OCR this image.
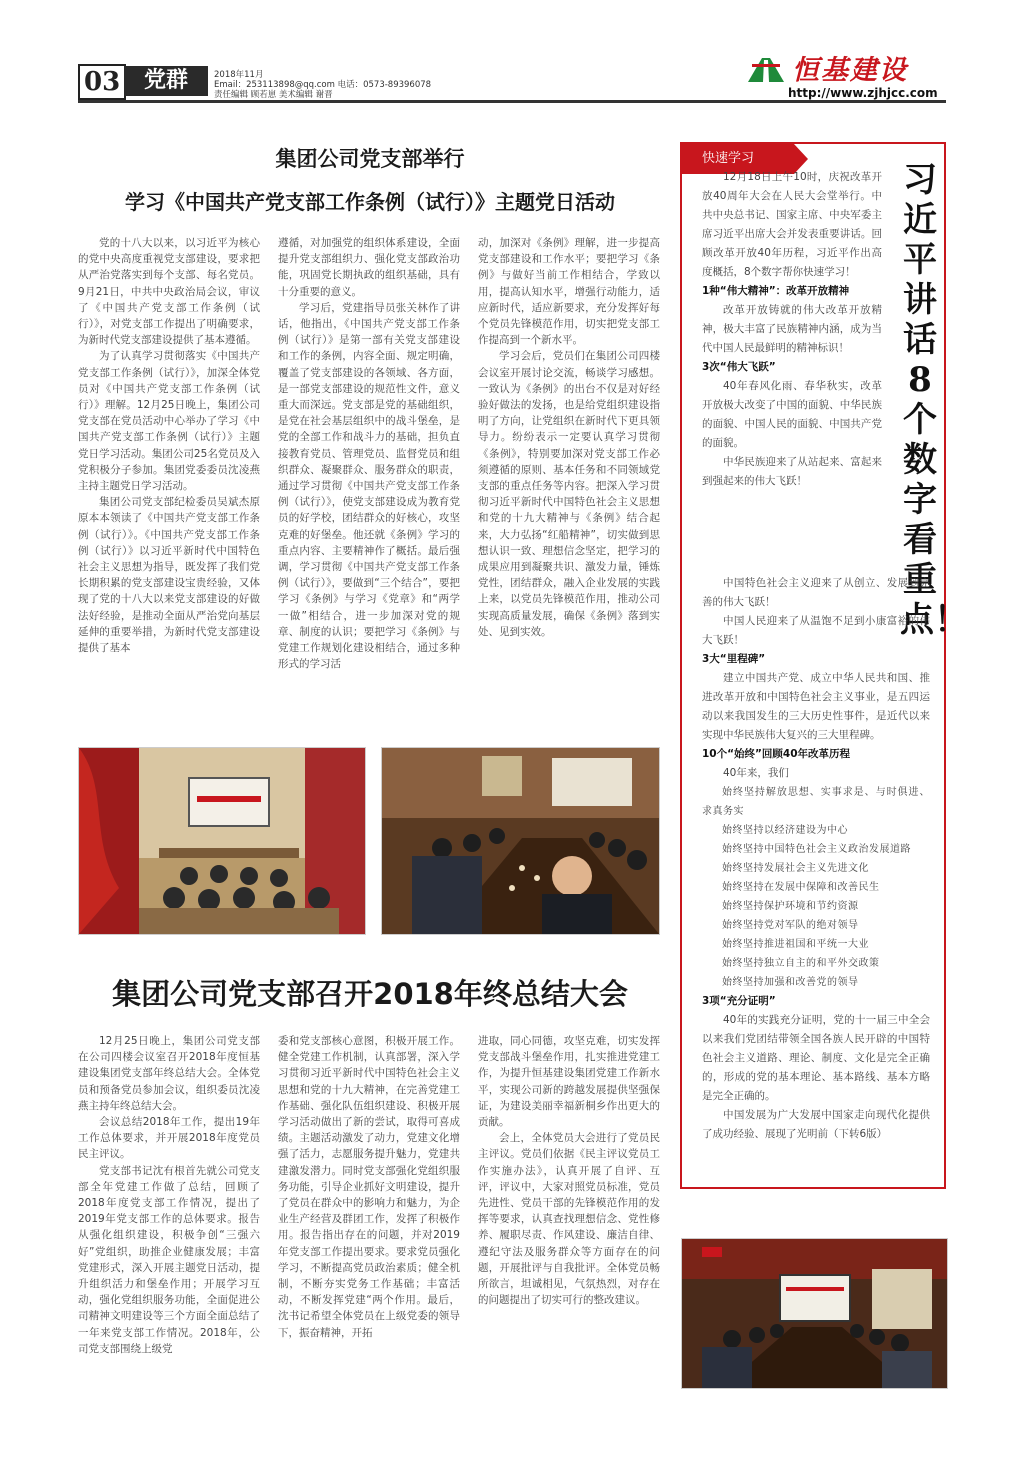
03	党群	2018年11月
Email：253113898@qq.com 电话：0573-89396078
责任编辑 顾若崽 美术编辑 谢晋
恒基建设
http://www.zjhjcc.com
集团公司党支部举行
学习《中国共产党支部工作条例（试行）》主题党日活动

党的十八大以来，以习近平为核心的党中央高度重视党支部建设，要求把从严治党落实到每个支部、每名党员。9月21日，中共中央政治局会议，审议了《中国共产党支部工作条例（试行）》，对党支部工作提出了明确要求，为新时代党支部建设提供了基本遵循。

为了认真学习贯彻落实《中国共产党支部工作条例（试行）》，加深全体党员对《中国共产党支部工作条例（试行）》理解。12月25日晚上，集团公司党支部在党员活动中心举办了学习《中国共产党支部工作条例（试行）》主题党日学习活动。集团公司25名党员及入党积极分子参加。集团党委委员沈凌燕主持主题党日学习活动。

集团公司党支部纪检委员吴斌杰原原本本领读了《中国共产党支部工作条例（试行）》。《中国共产党支部工作条例（试行）》以习近平新时代中国特色社会主义思想为指导，既发挥了我们党长期积累的党支部建设宝贵经验，又体现了党的十八大以来党支部建设的好做法好经验，是推动全面从严治党向基层延伸的重要举措，为新时代党支部建设提供了基本

遵循，对加强党的组织体系建设，全面提升党支部组织力、强化党支部政治功能，巩固党长期执政的组织基础，具有十分重要的意义。

学习后，党建指导员张关林作了讲话，他指出，《中国共产党支部工作条例（试行）》是第一部有关党支部建设和工作的条例，内容全面、规定明确，覆盖了党支部建设的各领域、各方面，是一部党支部建设的规范性文件，意义重大而深远。党支部是党的基础组织，是党在社会基层组织中的战斗堡垒，是党的全部工作和战斗力的基础，担负直接教育党员、管理党员、监督党员和组织群众、凝聚群众、服务群众的职责，通过学习贯彻《中国共产党支部工作条例（试行）》，使党支部建设成为教育党员的好学校，团结群众的好核心，攻坚克难的好堡垒。他还就《条例》学习的重点内容、主要精神作了概括。最后强调，学习贯彻《中国共产党支部工作条例（试行）》，要做到“三个结合”，要把学习《条例》与学习《党章》和“两学一做”相结合，进一步加深对党的规章、制度的认识；要把学习《条例》与党建工作规划化建设相结合，通过多种形式的学习活

动，加深对《条例》理解，进一步提高党支部建设和工作水平；要把学习《条例》与做好当前工作相结合，学致以用，提高认知水平，增强行动能力，适应新时代，适应新要求，充分发挥好每个党员先锋模范作用，切实把党支部工作提高到一个新水平。

学习会后，党员们在集团公司四楼会议室开展讨论交流，畅谈学习感想。一致认为《条例》的出台不仅是对好经验好做法的发扬，也是给党组织建设指明了方向，让党组织在新时代下更具领导力。纷纷表示一定要认真学习贯彻《条例》，特别要加深对党支部工作必须遵循的原则、基本任务和不同领域党支部的重点任务等内容。把深入学习贯彻习近平新时代中国特色社会主义思想和党的十九大精神与《条例》结合起来，大力弘扬“红船精神”，切实做到思想认识一致、理想信念坚定，把学习的成果应用到凝聚共识、激发力量，锤炼党性，团结群众，融入企业发展的实践上来，以党员先锋模范作用，推动公司实现高质量发展，确保《条例》落到实处、见到实效。

集团公司党支部召开2018年终总结大会

12月25日晚上，集团公司党支部在公司四楼会议室召开2018年度恒基建设集团党支部年终总结大会。全体党员和预备党员参加会议，组织委员沈凌燕主持年终总结大会。

会议总结2018年工作，提出19年工作总体要求，并开展2018年度党员民主评议。

党支部书记沈有根首先就公司党支部全年党建工作做了总结，回顾了2018年度党支部工作情况，提出了2019年党支部工作的总体要求。报告从强化组织建设，积极争创“三强六好”党组织，助推企业健康发展；丰富党建形式，深入开展主题党日活动，提升组织活力和堡垒作用；开展学习互动，强化党组织服务功能，全面促进公司精神文明建设等三个方面全面总结了一年来党支部工作情况。2018年，公司党支部围绕上级党

委和党支部核心意图，积极开展工作。健全党建工作机制，认真部署，深入学习贯彻习近平新时代中国特色社会主义思想和党的十九大精神，在完善党建工作基础、强化队伍组织建设、积极开展学习活动做出了新的尝试，取得可喜成绩。主题活动激发了动力，党建文化增强了活力，志愿服务提升魅力，党建共建激发潜力。同时党支部强化党组织服务功能，引导企业抓好文明建设，提升了党员在群众中的影响力和魅力，为企业生产经营及群团工作，发挥了积极作用。报告指出存在的问题，并对2019年党支部工作提出要求。要求党员强化学习，不断提高党员政治素质；健全机制，不断夯实党务工作基础；丰富活动，不断发挥党建“两个作用。最后，沈书记希望全体党员在上级党委的领导下，振奋精神，开拓

进取，同心同德，攻坚克难，切实发挥党支部战斗堡垒作用，扎实推进党建工作，为提升恒基建设集团党建工作新水平，实现公司新的跨越发展提供坚强保证，为建设美丽幸福新桐乡作出更大的贡献。

会上，全体党员大会进行了党员民主评议。党员们依据《民主评议党员工作实施办法》，认真开展了自评、互评，评议中，大家对照党员标准，党员先进性、党员干部的先锋模范作用的发挥等要求，认真查找理想信念、党性修养、履职尽责、作风建设、廉洁自律、遵纪守法及服务群众等方面存在的问题，开展批评与自我批评。全体党员畅所欲言，坦诚相见，气氛热烈，对存在的问题提出了切实可行的整改建议。

快速学习
习近平讲话8个数字看重点！

12月18日上午10时，庆祝改革开放40周年大会在人民大会堂举行。中共中央总书记、国家主席、中央军委主席习近平出席大会并发表重要讲话。回顾改革开放40年历程，习近平作出高度概括，8个数字帮你快速学习！

1种“伟大精神”：改革开放精神

改革开放铸就的伟大改革开放精神，极大丰富了民族精神内涵，成为当代中国人民最鲜明的精神标识！

3次“伟大飞跃”

40年春风化雨、春华秋实，改革开放极大改变了中国的面貌、中华民族的面貌、中国人民的面貌、中国共产党的面貌。

中华民族迎来了从站起来、富起来到强起来的伟大飞跃！

中国特色社会主义迎来了从创立、发展到完善的伟大飞跃！

中国人民迎来了从温饱不足到小康富裕的伟大飞跃！

3大“里程碑”

建立中国共产党、成立中华人民共和国、推进改革开放和中国特色社会主义事业，是五四运动以来我国发生的三大历史性事件，是近代以来实现中华民族伟大复兴的三大里程碑。

10个“始终”回顾40年改革历程

40年来，我们

始终坚持解放思想、实事求是、与时俱进、求真务实

始终坚持以经济建设为中心

始终坚持中国特色社会主义政治发展道路

始终坚持发展社会主义先进文化

始终坚持在发展中保障和改善民生

始终坚持保护环境和节约资源

始终坚持党对军队的绝对领导

始终坚持推进祖国和平统一大业

始终坚持独立自主的和平外交政策

始终坚持加强和改善党的领导

3项“充分证明”

40年的实践充分证明，党的十一届三中全会以来我们党团结带领全国各族人民开辟的中国特色社会主义道路、理论、制度、文化是完全正确的，形成的党的基本理论、基本路线、基本方略是完全正确的。

中国发展为广大发展中国家走向现代化提供了成功经验、展现了光明前（下转6版）
